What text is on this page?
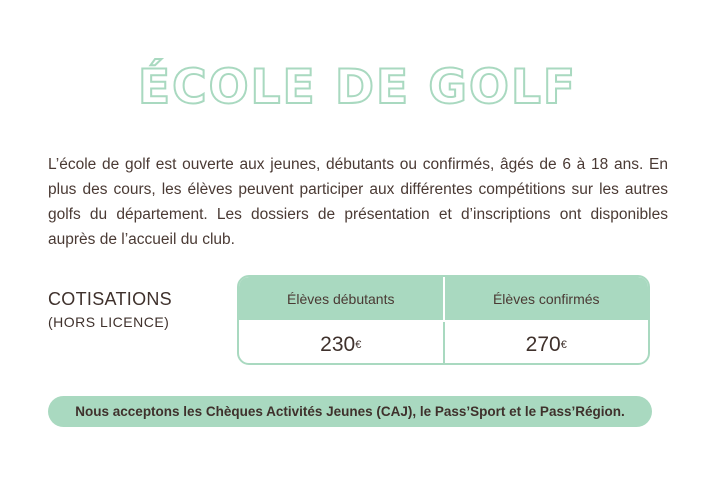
ÉCOLE DE GOLF

L’école de golf est ouverte aux jeunes, débutants ou confirmés, âgés de 6 à 18 ans. En plus des cours, les élèves peuvent participer aux différentes compétitions sur les autres golfs du département. Les dossiers de présentation et d’inscriptions ont disponibles auprès de l’accueil du club.

COTISATIONS
(HORS LICENCE)
Élèves débutants	Élèves confirmés
230 €	270 €
Nous acceptons les Chèques Activités Jeunes (CAJ), le Pass’Sport et le Pass’Région.
